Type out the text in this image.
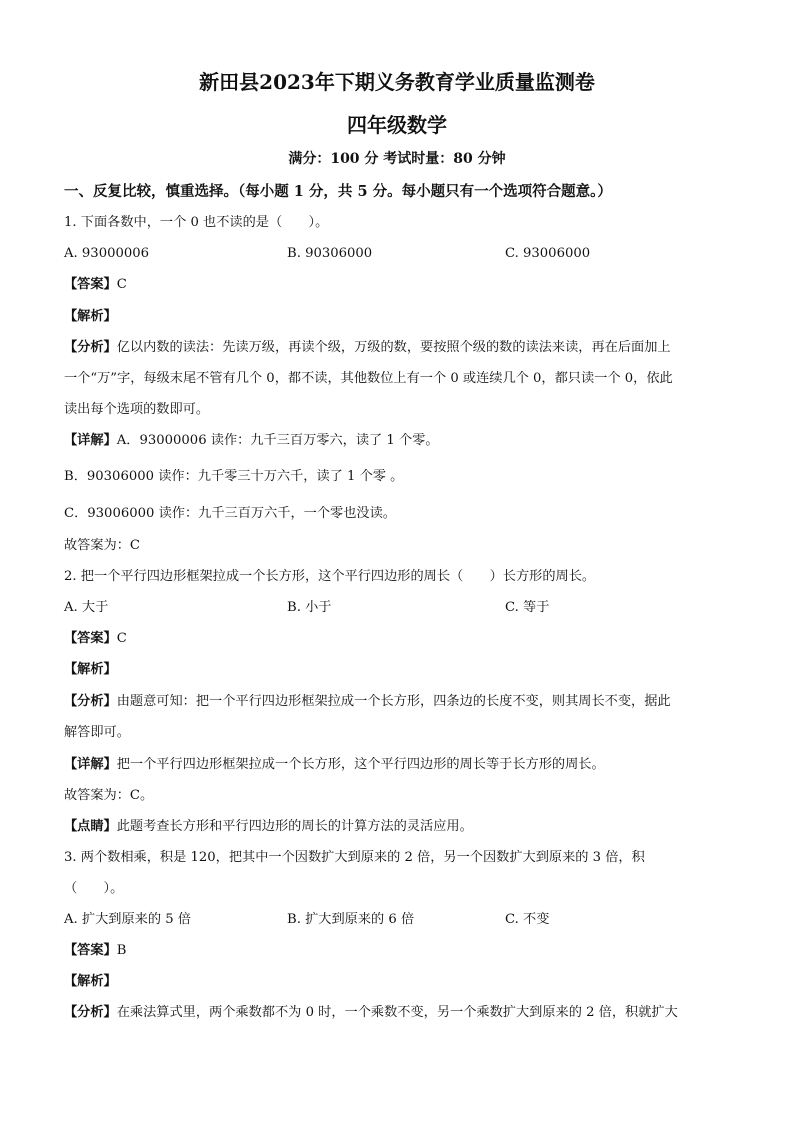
新田县2023年下期义务教育学业质量监测卷
四年级数学
满分：100 分 考试时量：80 分钟
一、反复比较，慎重选择。（每小题 1 分，共 5 分。每小题只有一个选项符合题意。）
1. 下面各数中，一个 0 也不读的是（　　）。
A. 93000006	B. 90306000	C. 93006000
【答案】C
【解析】
【分析】亿以内数的读法：先读万级，再读个级，万级的数，要按照个级的数的读法来读，再在后面加上
一个“万”字，每级末尾不管有几个 0，都不读，其他数位上有一个 0 或连续几个 0，都只读一个 0，依此
读出每个选项的数即可。
【详解】A．93000006 读作：九千三百万零六，读了 1 个零。
B．90306000 读作：九千零三十万六千，读了 1 个零 。
C．93006000 读作：九千三百万六千，一个零也没读。
故答案为：C
2. 把一个平行四边形框架拉成一个长方形，这个平行四边形的周长（　　）长方形的周长。
A. 大于	B. 小于	C. 等于
【答案】C
【解析】
【分析】由题意可知：把一个平行四边形框架拉成一个长方形，四条边的长度不变，则其周长不变，据此
解答即可。
【详解】把一个平行四边形框架拉成一个长方形，这个平行四边形的周长等于长方形的周长。
故答案为：C。
【点睛】此题考查长方形和平行四边形的周长的计算方法的灵活应用。
3. 两个数相乘，积是 120，把其中一个因数扩大到原来的 2 倍，另一个因数扩大到原来的 3 倍，积
（　　）。
A. 扩大到原来的 5 倍	B. 扩大到原来的 6 倍	C. 不变
【答案】B
【解析】
【分析】在乘法算式里，两个乘数都不为 0 时，一个乘数不变，另一个乘数扩大到原来的 2 倍，积就扩大
